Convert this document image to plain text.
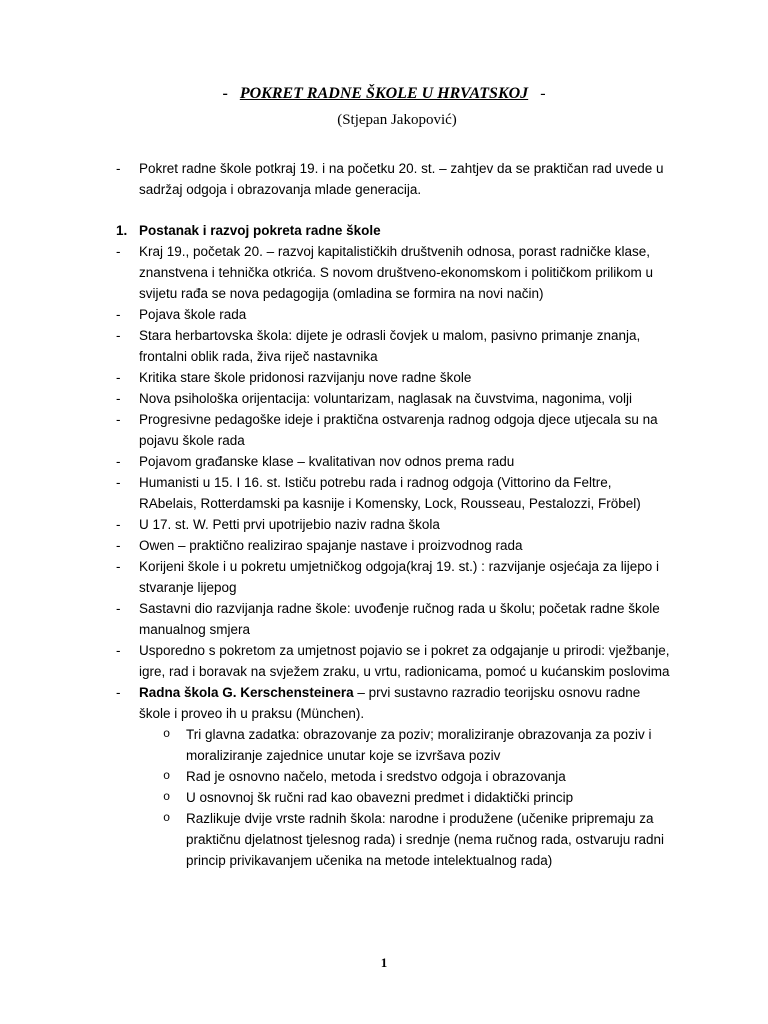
- POKRET RADNE ŠKOLE U HRVATSKOJ -
(Stjepan Jakopović)
- Pokret radne škole potkraj 19. i na početku 20. st. – zahtjev da se praktičan rad uvede u sadržaj odgoja i obrazovanja mlade generacija.
1. Postanak i razvoj pokreta radne škole
- Kraj 19., početak 20. – razvoj kapitalističkih društvenih odnosa, porast radničke klase, znanstvena i tehnička otkrića. S novom društveno-ekonomskom i političkom prilikom u svijetu rađa se nova pedagogija (omladina se formira na novi način)
- Pojava škole rada
- Stara herbartovska škola: dijete je odrasli čovjek u malom, pasivno primanje znanja, frontalni oblik rada, živa riječ nastavnika
- Kritika stare škole pridonosi razvijanju nove radne škole
- Nova psihološka orijentacija: voluntarizam, naglasak na čuvstvima, nagonima, volji
- Progresivne pedagoške ideje i praktična ostvarenja radnog odgoja djece utjecala su na pojavu škole rada
- Pojavom građanske klase – kvalitativan nov odnos prema radu
- Humanisti u 15. I 16. st. Ističu potrebu rada i radnog odgoja (Vittorino da Feltre, RAbelais, Rotterdamski pa kasnije i Komensky, Lock, Rousseau, Pestalozzi, Fröbel)
- U 17. st. W. Petti prvi upotrijebio naziv radna škola
- Owen – praktično realizirao spajanje nastave i proizvodnog rada
- Korijeni škole i u pokretu umjetničkog odgoja(kraj 19. st.) : razvijanje osjećaja za lijepo i stvaranje lijepog
- Sastavni dio razvijanja radne škole: uvođenje ručnog rada u školu; početak radne škole manualnog smjera
- Usporedno s pokretom za umjetnost pojavio se i pokret za odgajanje u prirodi: vježbanje, igre, rad i boravak na svježem zraku, u vrtu, radionicama, pomoć u kućanskim poslovima
- Radna škola G. Kerschensteinera – prvi sustavno razradio teorijsku osnovu radne škole i proveo ih u praksu (München).
o Tri glavna zadatka: obrazovanje za poziv; moraliziranje obrazovanja za poziv i moraliziranje zajednice unutar koje se izvršava poziv
o Rad je osnovno načelo, metoda i sredstvo odgoja i obrazovanja
o U osnovnoj šk ručni rad kao obavezni predmet i didaktički princip
o Razlikuje dvije vrste radnih škola: narodne i produžene (učenike pripremaju za praktičnu djelatnost tjelesnog rada) i srednje (nema ručnog rada, ostvaruju radni princip privikavanjem učenika na metode intelektualnog rada)
1
